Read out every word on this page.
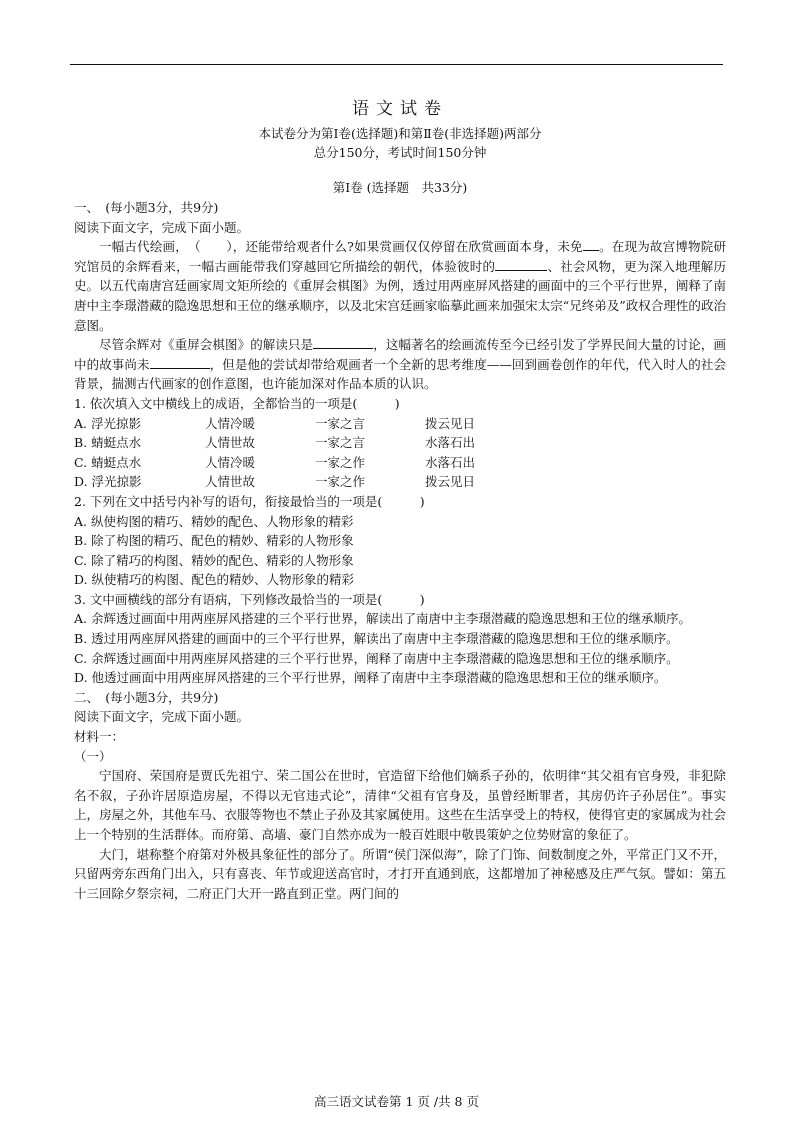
语文试卷
本试卷分为第Ⅰ卷(选择题)和第Ⅱ卷(非选择题)两部分
总分150分，考试时间150分钟
第Ⅰ卷 (选择题　共33分)
一、　(每小题3分，共9分)
阅读下面文字，完成下面小题。
一幅古代绘画，　（　　），还能带给观者什么?如果赏画仅仅停留在欣赏画面本身，未免 。在现为故宫博物院研究馆员的余辉看来，一幅古画能带我们穿越回它所描绘的朝代，体验彼时的	、社会风物，更为深入地理解历史。以五代南唐宫廷画家周文矩所绘的《重屏会棋图》为例，透过用两座屏风搭建的画面中的三个平行世界，阐释了南唐中主李璟潜藏的隐逸思想和王位的继承顺序，以及北宋宫廷画家临摹此画来加强宋太宗“兄终弟及”政权合理性的政治意图。
尽管余辉对《重屏会棋图》的解读只是	，这幅著名的绘画流传至今已经引发了学界民间大量的讨论，画中的故事尚未	，但是他的尝试却带给观画者一个全新的思考维度——回到画卷创作的年代，代入时人的社会背景，揣测古代画家的创作意图，也许能加深对作品本质的认识。
1. 依次填入文中横线上的成语，全都恰当的一项是(　　　)
A. 浮光掠影	人情冷暖	一家之言	拨云见日
B. 蜻蜓点水	人情世故	一家之言	水落石出
C. 蜻蜓点水	人情冷暖	一家之作	水落石出
D. 浮光掠影	人情世故	一家之作	拨云见日
2. 下列在文中括号内补写的语句，衔接最恰当的一项是(　　　)
A. 纵使构图的精巧、精妙的配色、人物形象的精彩
B. 除了构图的精巧、配色的精妙、精彩的人物形象
C. 除了精巧的构图、精妙的配色、精彩的人物形象
D. 纵使精巧的构图、配色的精妙、人物形象的精彩
3. 文中画横线的部分有语病，下列修改最恰当的一项是(　　　)
A. 余辉透过画面中用两座屏风搭建的三个平行世界，解读出了南唐中主李璟潜藏的隐逸思想和王位的继承顺序。
B. 透过用两座屏风搭建的画面中的三个平行世界，解读出了南唐中主李璟潜藏的隐逸思想和王位的继承顺序。
C. 余辉透过画面中用两座屏风搭建的三个平行世界，阐释了南唐中主李璟潜藏的隐逸思想和王位的继承顺序。
D. 他透过画面中用两座屏风搭建的三个平行世界，阐释了南唐中主李璟潜藏的隐逸思想和王位的继承顺序。
二、　(每小题3分，共9分)
阅读下面文字，完成下面小题。
材料一：
（一）
宁国府、荣国府是贾氏先祖宁、荣二国公在世时，官造留下给他们嫡系子孙的，依明律“其父祖有官身殁，非犯除名不叙，子孙许居原造房屋，不得以无官违式论”，清律“父祖有官身及，虽曾经断罪者，其房仍许子孙居住”。事实上，房屋之外，其他车马、衣服等物也不禁止子孙及其家属使用。这些在生活享受上的特权，使得官吏的家属成为社会上一个特别的生活群体。而府第、高墙、豪门自然亦成为一般百姓眼中敬畏策妒之位势财富的象征了。
大门，堪称整个府第对外极具象征性的部分了。所谓“侯门深似海”，除了门饰、间数制度之外，平常正门又不开，只留两旁东西角门出入，只有喜丧、年节或迎送高官时，才打开直通到底，这都增加了神秘感及庄严气氛。譬如：第五十三回除夕祭宗祠，二府正门大开一路直到正堂。两门间的
高三语文试卷第 1 页 /共 8 页
